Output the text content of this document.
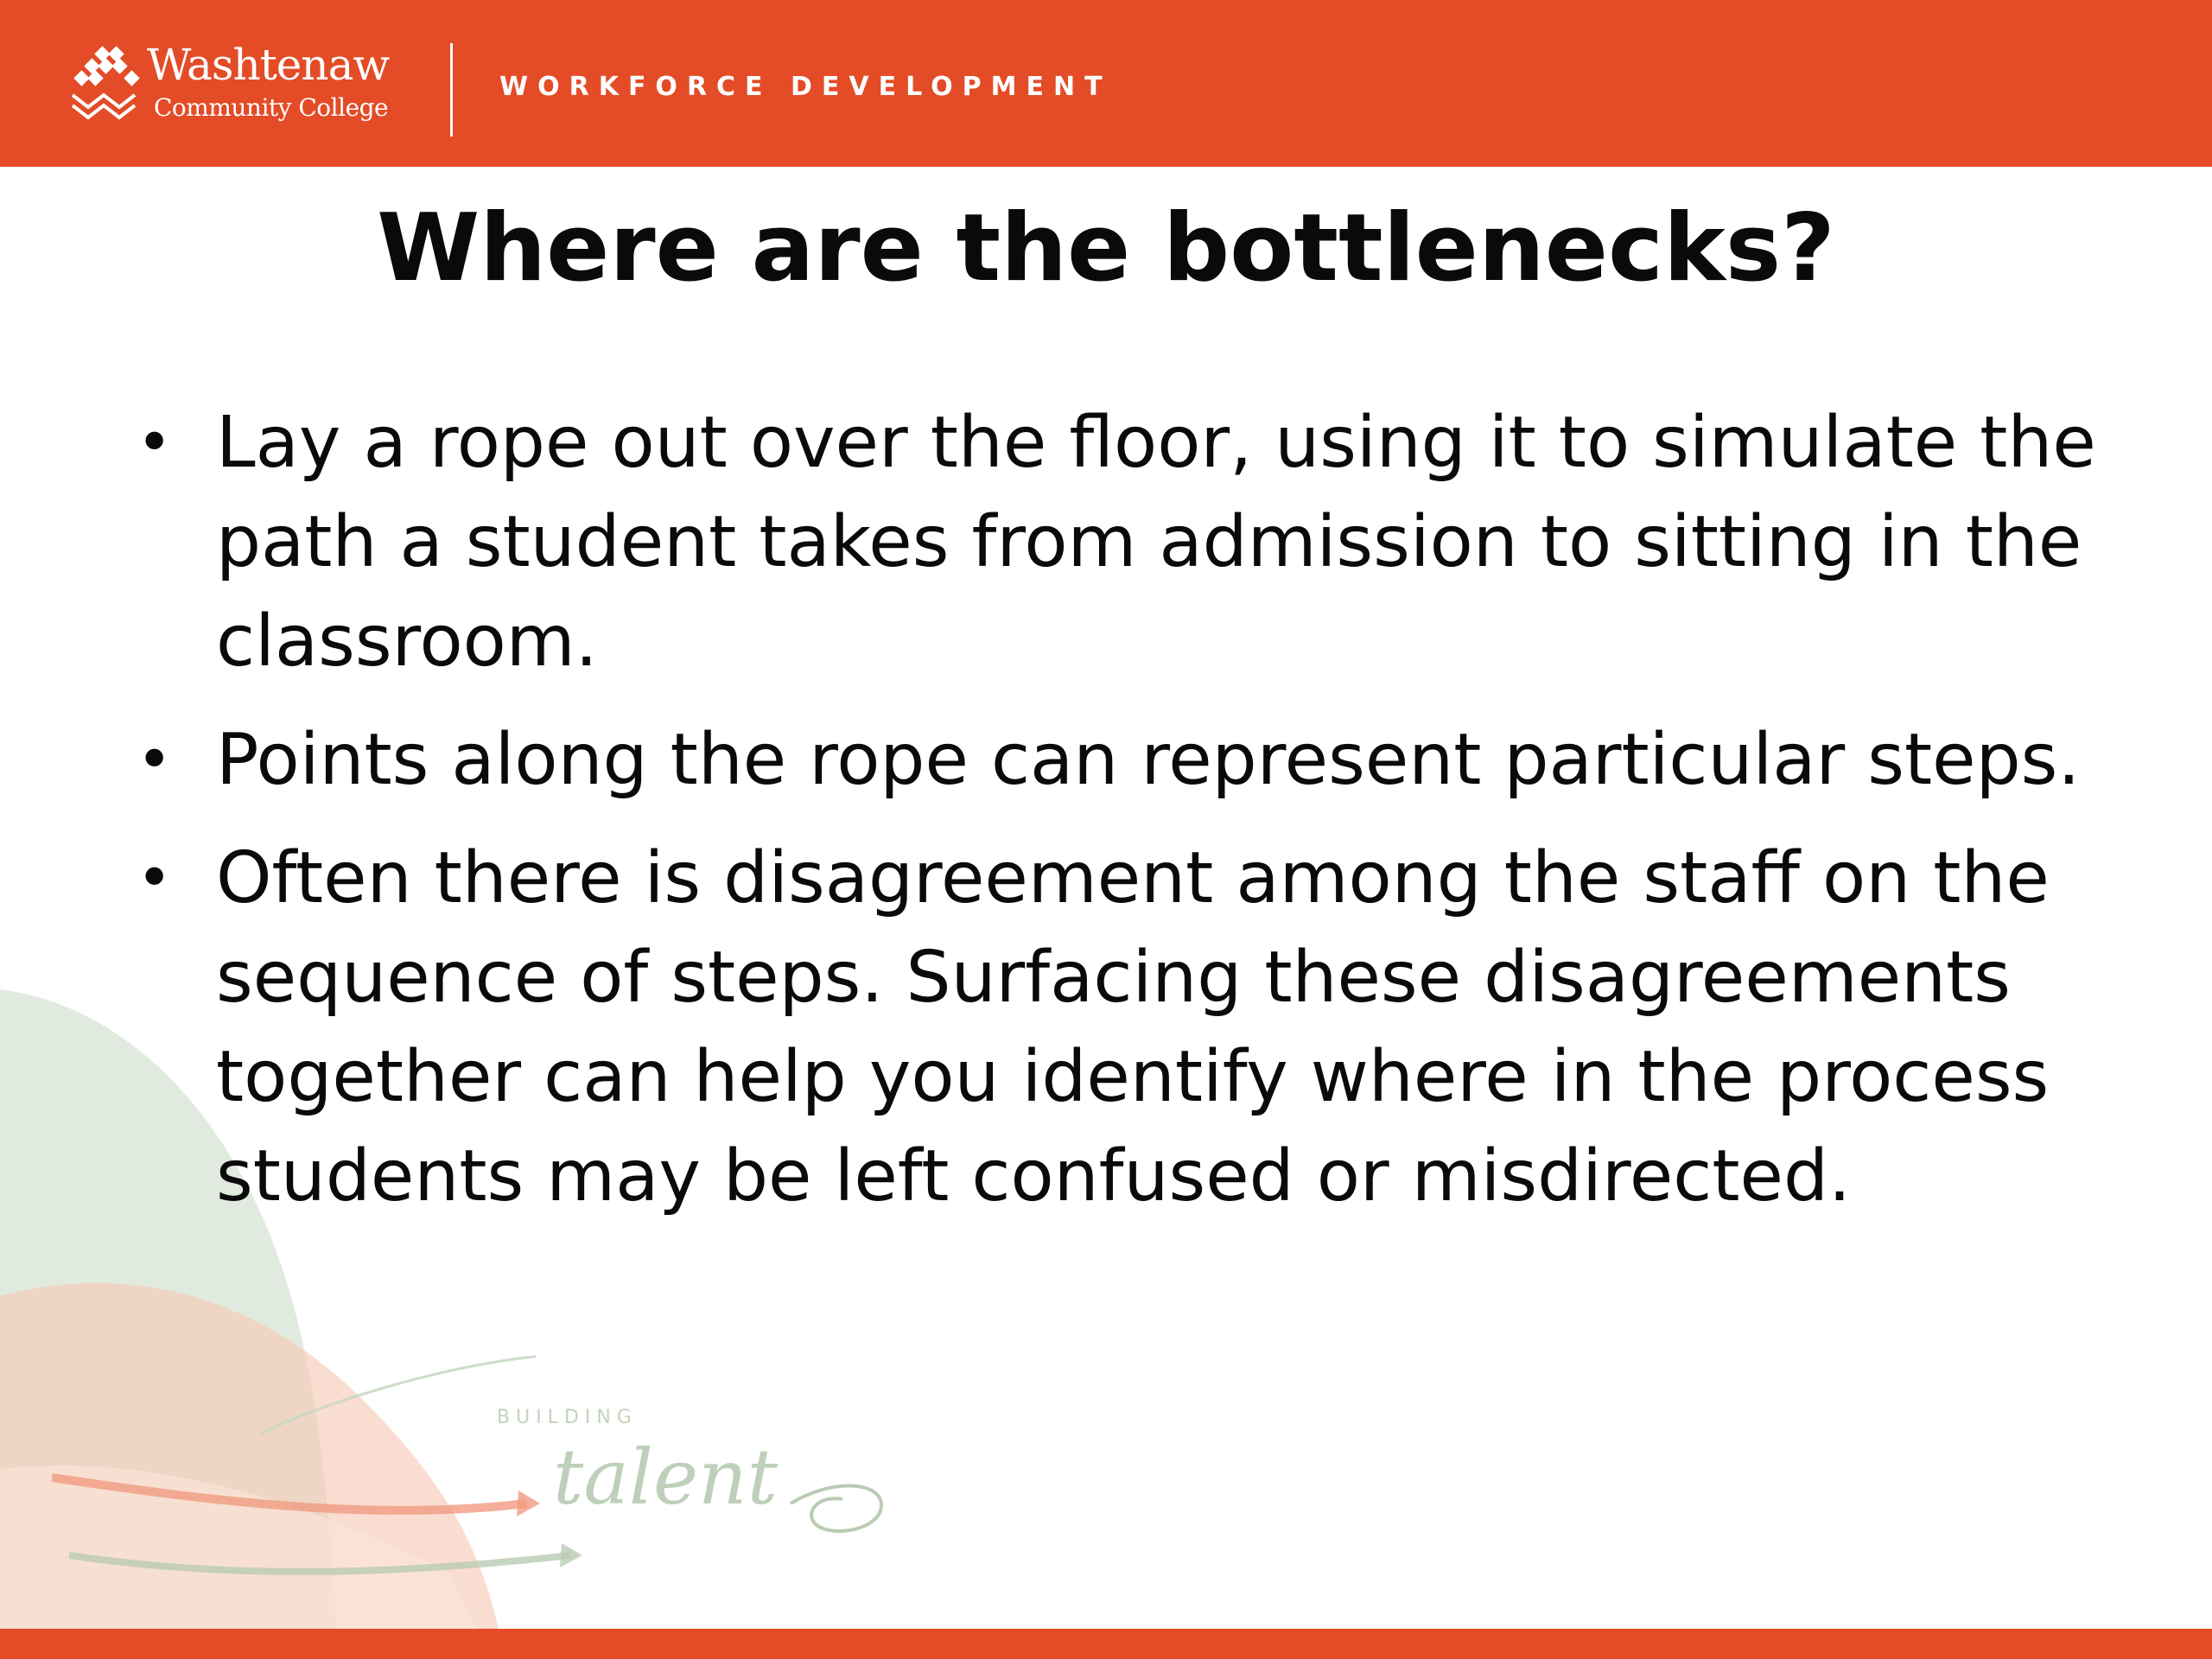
BUILDING
talent
Washtenaw
Community College
WORKFORCE DEVELOPMENT
Where are the bottlenecks?
• Lay a rope out over the floor, using it to simulate the path a student takes from admission to sitting in the classroom.
• Points along the rope can represent particular steps.
• Often there is disagreement among the staff on the sequence of steps. Surfacing these disagreements together can help you identify where in the process students may be left confused or misdirected.
